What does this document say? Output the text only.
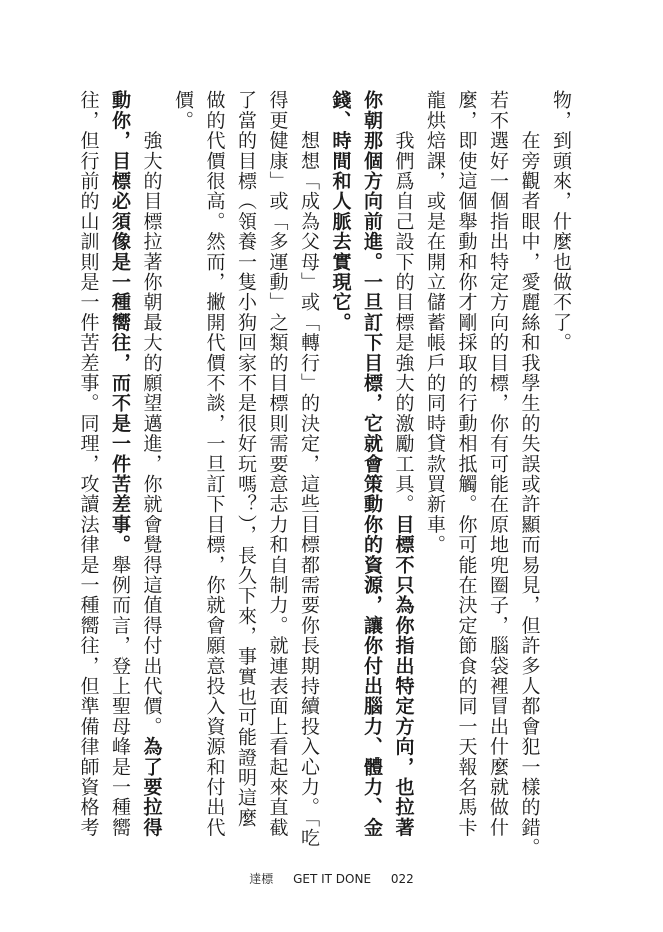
物，到頭來，什麼也做不了。

　　在旁觀者眼中，愛麗絲和我學生的失誤或許顯而易見，但許多人都會犯一樣的錯。

若不選好一個指出特定方向的目標，你有可能在原地兜圈子，腦袋裡冒出什麼就做什

麼，即使這個舉動和你才剛採取的行動相抵觸。你可能在決定節食的同一天報名馬卡

龍烘焙課，或是在開立儲蓄帳戶的同時貸款買新車。

　　我們爲自己設下的目標是強大的激勵工具。目標不只為你指出特定方向，也拉著

你朝那個方向前進。一旦訂下目標，它就會策動你的資源，讓你付出腦力、體力、金

錢、時間和人脈去實現它。

　　想想「成為父母」或「轉行」的決定，這些目標都需要你長期持續投入心力。「吃

得更健康」或「多運動」之類的目標則需要意志力和自制力。就連表面上看起來直截

了當的目標（領養一隻小狗回家不是很好玩嗎？），長久下來，事實也可能證明這麼

做的代價很高。然而，撇開代價不談，一旦訂下目標，你就會願意投入資源和付出代

價。

　　強大的目標拉著你朝最大的願望邁進，你就會覺得這值得付出代價。為了要拉得

動你，目標必須像是一種嚮往，而不是一件苦差事。舉例而言，登上聖母峰是一種嚮

往，但行前的山訓則是一件苦差事。同理，攻讀法律是一種嚮往，但準備律師資格考

達標 GET IT DONE 022
